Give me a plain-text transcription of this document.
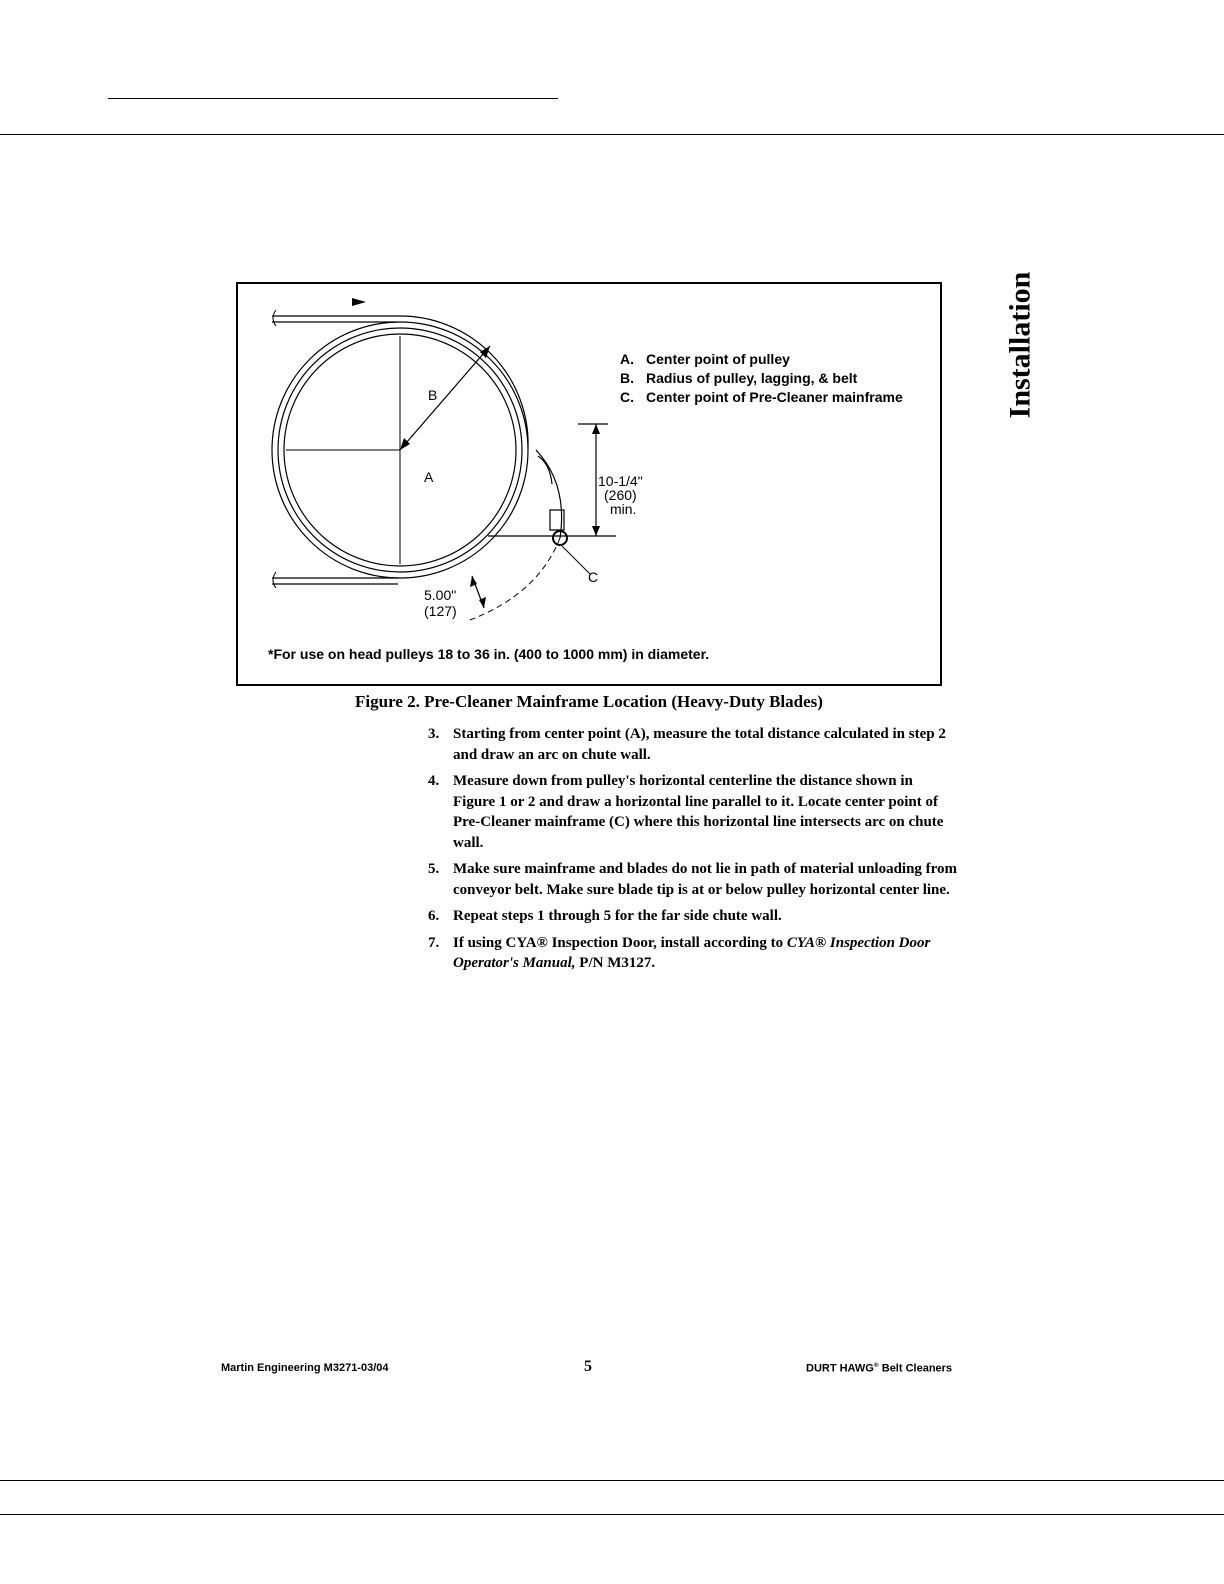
Installation
B
A
C
10-1/4"
(260)
min.
5.00"
(127)
A. Center point of pulley
B. Radius of pulley, lagging, & belt
C. Center point of Pre-Cleaner mainframe
*For use on head pulleys 18 to 36 in. (400 to 1000 mm) in diameter.
Figure 2. Pre-Cleaner Mainframe Location (Heavy-Duty Blades)
3. Starting from center point (A), measure the total distance calculated in step 2 and draw an arc on chute wall.
4. Measure down from pulley's horizontal centerline the distance shown in Figure 1 or 2 and draw a horizontal line parallel to it. Locate center point of Pre-Cleaner mainframe (C) where this horizontal line intersects arc on chute wall.
5. Make sure mainframe and blades do not lie in path of material unloading from conveyor belt. Make sure blade tip is at or below pulley horizontal center line.
6. Repeat steps 1 through 5 for the far side chute wall.
7. If using CYA® Inspection Door, install according to CYA® Inspection Door Operator's Manual, P/N M3127.
Martin Engineering M3271-03/04	5	DURT HAWG® Belt Cleaners
